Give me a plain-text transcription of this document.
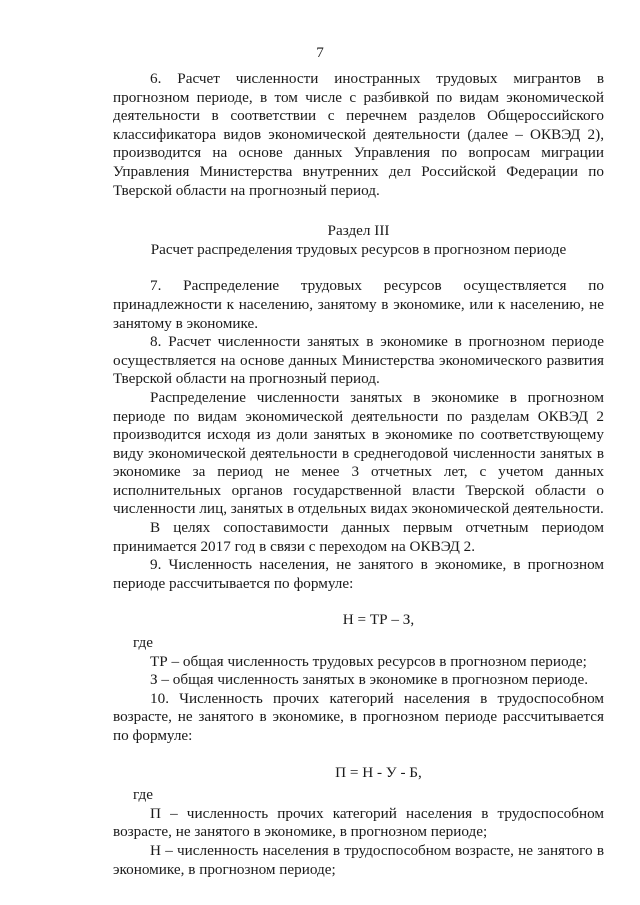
7

6. Расчет численности иностранных трудовых мигрантов в прогнозном периоде, в том числе с разбивкой по видам экономической деятельности в соответствии с перечнем разделов Общероссийского классификатора видов экономической деятельности (далее – ОКВЭД 2), производится на основе данных Управления по вопросам миграции Управления Министерства внутренних дел Российской Федерации по Тверской области на прогнозный период.

Раздел III

Расчет распределения трудовых ресурсов в прогнозном периоде

7. Распределение трудовых ресурсов осуществляется по принадлежности к населению, занятому в экономике, или к населению, не занятому в экономике.

8. Расчет численности занятых в экономике в прогнозном периоде осуществляется на основе данных Министерства экономического развития Тверской области на прогнозный период.

Распределение численности занятых в экономике в прогнозном периоде по видам экономической деятельности по разделам ОКВЭД 2 производится исходя из доли занятых в экономике по соответствующему виду экономической деятельности в среднегодовой численности занятых в экономике за период не менее 3 отчетных лет, с учетом данных исполнительных органов государственной власти Тверской области о численности лиц, занятых в отдельных видах экономической деятельности.

В целях сопоставимости данных первым отчетным периодом принимается 2017 год в связи с переходом на ОКВЭД 2.

9. Численность населения, не занятого в экономике, в прогнозном периоде рассчитывается по формуле:

Н = ТР – З,

где

ТР – общая численность трудовых ресурсов в прогнозном периоде;

З – общая численность занятых в экономике в прогнозном периоде.

10. Численность прочих категорий населения в трудоспособном возрасте, не занятого в экономике, в прогнозном периоде рассчитывается по формуле:

П = Н - У - Б,

где

П – численность прочих категорий населения в трудоспособном возрасте, не занятого в экономике, в прогнозном периоде;

Н – численность населения в трудоспособном возрасте, не занятого в экономике, в прогнозном периоде;
